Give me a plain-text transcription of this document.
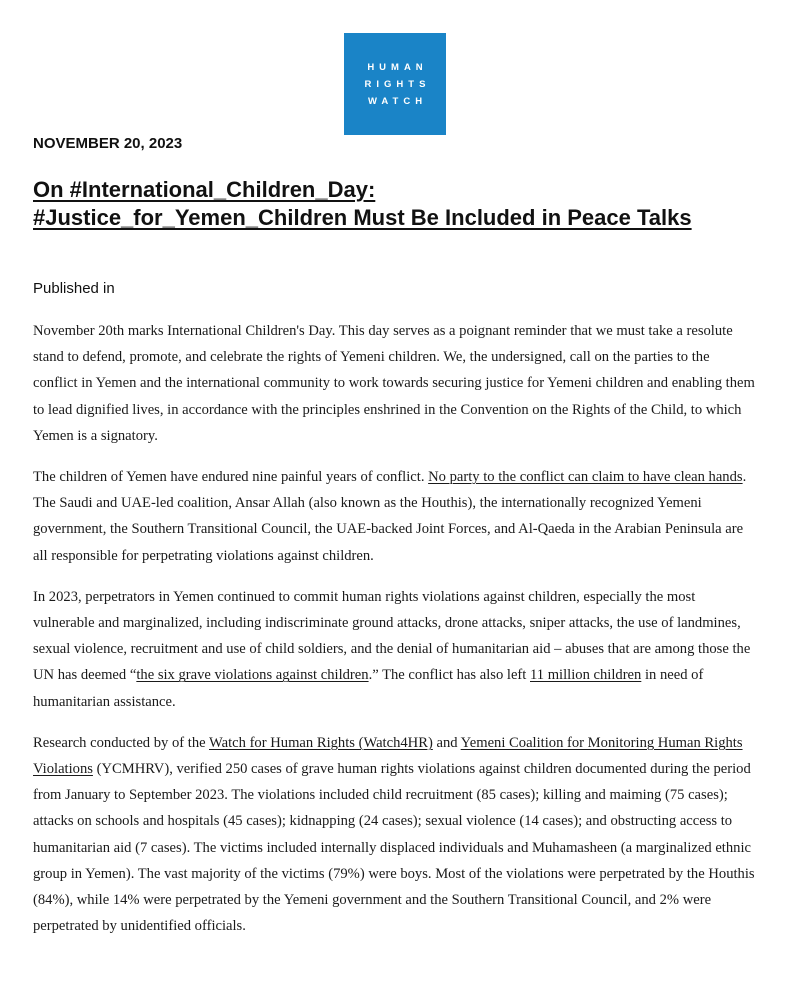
HUMAN
RIGHTS
WATCH
NOVEMBER 20, 2023
On #International_Children_Day:
#Justice_for_Yemen_Children Must Be Included in Peace Talks
Published in

November 20th marks International Children's Day. This day serves as a poignant reminder that we must take a resolute stand to defend, promote, and celebrate the rights of Yemeni children. We, the undersigned, call on the parties to the conflict in Yemen and the international community to work towards securing justice for Yemeni children and enabling them to lead dignified lives, in accordance with the principles enshrined in the Convention on the Rights of the Child, to which Yemen is a signatory.

The children of Yemen have endured nine painful years of conflict. No party to the conflict can claim to have clean hands. The Saudi and UAE-led coalition, Ansar Allah (also known as the Houthis), the internationally recognized Yemeni government, the Southern Transitional Council, the UAE-backed Joint Forces, and Al-Qaeda in the Arabian Peninsula are all responsible for perpetrating violations against children.

In 2023, perpetrators in Yemen continued to commit human rights violations against children, especially the most vulnerable and marginalized, including indiscriminate ground attacks, drone attacks, sniper attacks, the use of landmines, sexual violence, recruitment and use of child soldiers, and the denial of humanitarian aid – abuses that are among those the UN has deemed “the six grave violations against children.” The conflict has also left 11 million children in need of humanitarian assistance.

Research conducted by of the Watch for Human Rights (Watch4HR) and Yemeni Coalition for Monitoring Human Rights Violations (YCMHRV), verified 250 cases of grave human rights violations against children documented during the period from January to September 2023. The violations included child recruitment (85 cases); killing and maiming (75 cases); attacks on schools and hospitals (45 cases); kidnapping (24 cases); sexual violence (14 cases); and obstructing access to humanitarian aid (7 cases). The victims included internally displaced individuals and Muhamasheen (a marginalized ethnic group in Yemen). The vast majority of the victims (79%) were boys. Most of the violations were perpetrated by the Houthis (84%), while 14% were perpetrated by the Yemeni government and the Southern Transitional Council, and 2% were perpetrated by unidentified officials.
